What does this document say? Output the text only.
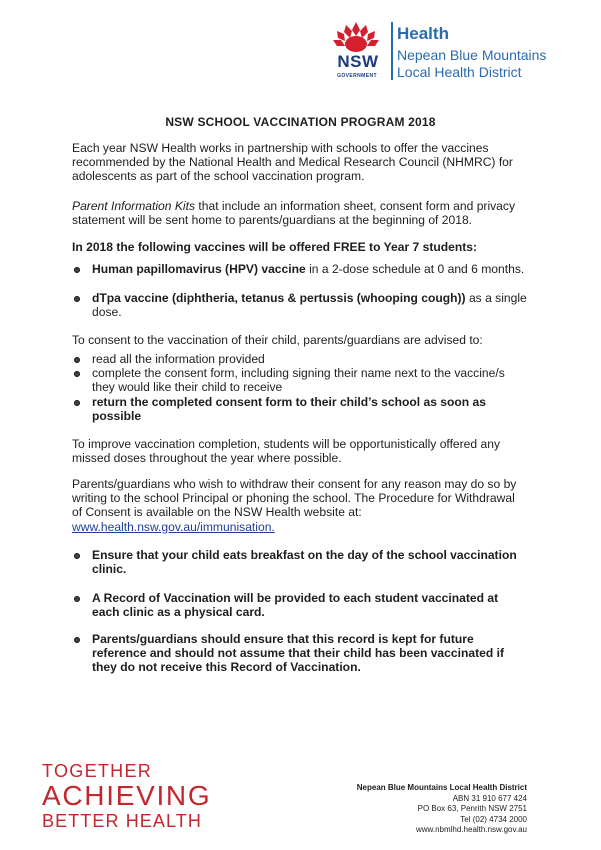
NSW
GOVERNMENT
Health
Nepean Blue Mountains
Local Health District
NSW SCHOOL VACCINATION PROGRAM 2018
Each year NSW Health works in partnership with schools to offer the vaccines
recommended by the National Health and Medical Research Council (NHMRC) for
adolescents as part of the school vaccination program.
Parent Information Kits that include an information sheet, consent form and privacy
statement will be sent home to parents/guardians at the beginning of 2018.
In 2018 the following vaccines will be offered FREE to Year 7 students:
Human papillomavirus (HPV) vaccine in a 2-dose schedule at 0 and 6 months.
dTpa vaccine (diphtheria, tetanus & pertussis (whooping cough)) as a single
dose.
To consent to the vaccination of their child, parents/guardians are advised to:
read all the information provided
complete the consent form, including signing their name next to the vaccine/s
they would like their child to receive
return the completed consent form to their child’s school as soon as
possible
To improve vaccination completion, students will be opportunistically offered any
missed doses throughout the year where possible.
Parents/guardians who wish to withdraw their consent for any reason may do so by
writing to the school Principal or phoning the school. The Procedure for Withdrawal
of Consent is available on the NSW Health website at:
www.health.nsw.gov.au/immunisation.
Ensure that your child eats breakfast on the day of the school vaccination
clinic.
A Record of Vaccination will be provided to each student vaccinated at
each clinic as a physical card.
Parents/guardians should ensure that this record is kept for future
reference and should not assume that their child has been vaccinated if
they do not receive this Record of Vaccination.
TOGETHER
ACHIEVING
BETTER HEALTH
Nepean Blue Mountains Local Health District
ABN 31 910 677 424
PO Box 63, Penrith NSW 2751
Tel (02) 4734 2000
www.nbmlhd.health.nsw.gov.au
